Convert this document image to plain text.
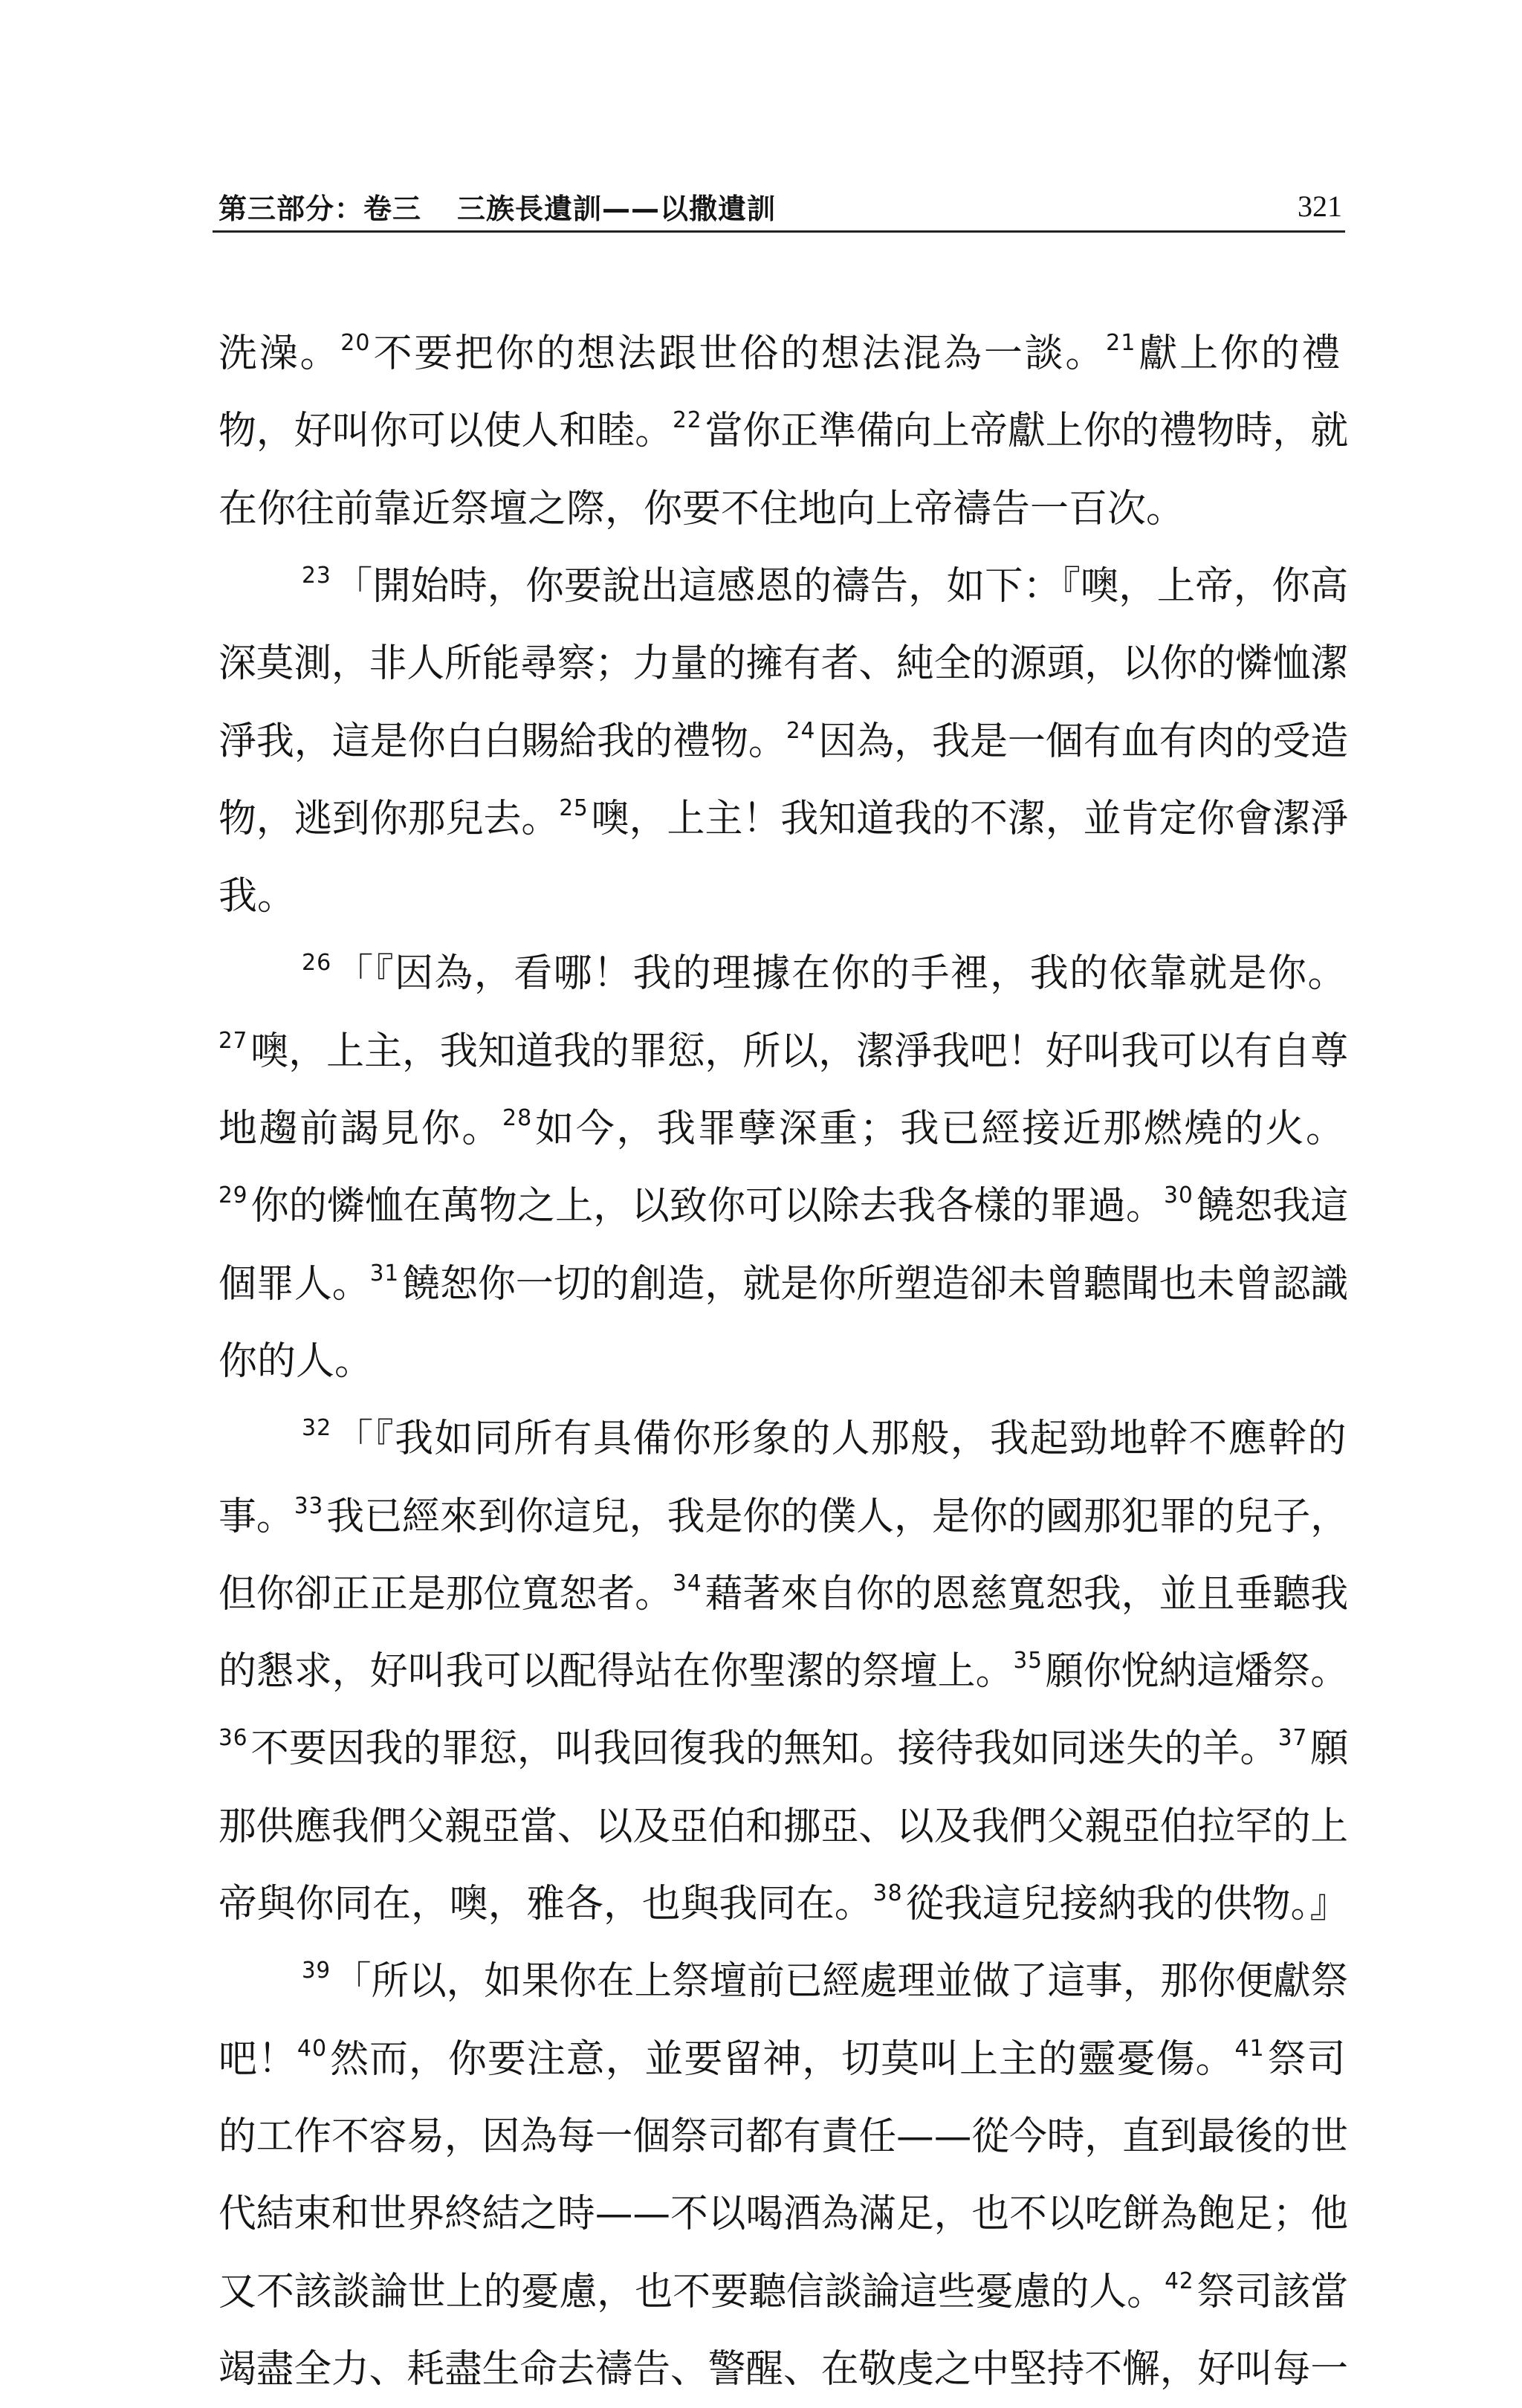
第三部分：卷三 三族長遺訓——以撒遺訓	321
洗澡。$^{20}$不要把你的想法跟世俗的想法混為一談。$^{21}$獻上你的禮
物，好叫你可以使人和睦。$^{22}$當你正準備向上帝獻上你的禮物時，就
在你往前靠近祭壇之際，你要不住地向上帝禱告一百次。
$^{23}$「開始時，你要說出這感恩的禱告，如下：『噢，上帝，你高
深莫測，非人所能尋察；力量的擁有者、純全的源頭，以你的憐恤潔
淨我，這是你白白賜給我的禮物。$^{24}$因為，我是一個有血有肉的受造
物，逃到你那兒去。$^{25}$噢，上主！我知道我的不潔，並肯定你會潔淨
我。
$^{26}$「『因為，看哪！我的理據在你的手裡，我的依靠就是你。
$^{27}$噢，上主，我知道我的罪愆，所以，潔淨我吧！好叫我可以有自尊
地趨前謁見你。$^{28}$如今，我罪孽深重；我已經接近那燃燒的火。
$^{29}$你的憐恤在萬物之上，以致你可以除去我各樣的罪過。$^{30}$饒恕我這
個罪人。$^{31}$饒恕你一切的創造，就是你所塑造卻未曾聽聞也未曾認識
你的人。
$^{32}$「『我如同所有具備你形象的人那般，我起勁地幹不應幹的
事。$^{33}$我已經來到你這兒，我是你的僕人，是你的國那犯罪的兒子，
但你卻正正是那位寬恕者。$^{34}$藉著來自你的恩慈寬恕我，並且垂聽我
的懇求，好叫我可以配得站在你聖潔的祭壇上。$^{35}$願你悅納這燔祭。
$^{36}$不要因我的罪愆，叫我回復我的無知。接待我如同迷失的羊。$^{37}$願
那供應我們父親亞當、以及亞伯和挪亞、以及我們父親亞伯拉罕的上
帝與你同在，噢，雅各，也與我同在。$^{38}$從我這兒接納我的供物。』
$^{39}$「所以，如果你在上祭壇前已經處理並做了這事，那你便獻祭
吧！$^{40}$然而，你要注意，並要留神，切莫叫上主的靈憂傷。$^{41}$祭司
的工作不容易，因為每一個祭司都有責任——從今時，直到最後的世
代結束和世界終結之時——不以喝酒為滿足，也不以吃餅為飽足；他
又不該談論世上的憂慮，也不要聽信談論這些憂慮的人。$^{42}$祭司該當
竭盡全力、耗盡生命去禱告、警醒、在敬虔之中堅持不懈，好叫每一
